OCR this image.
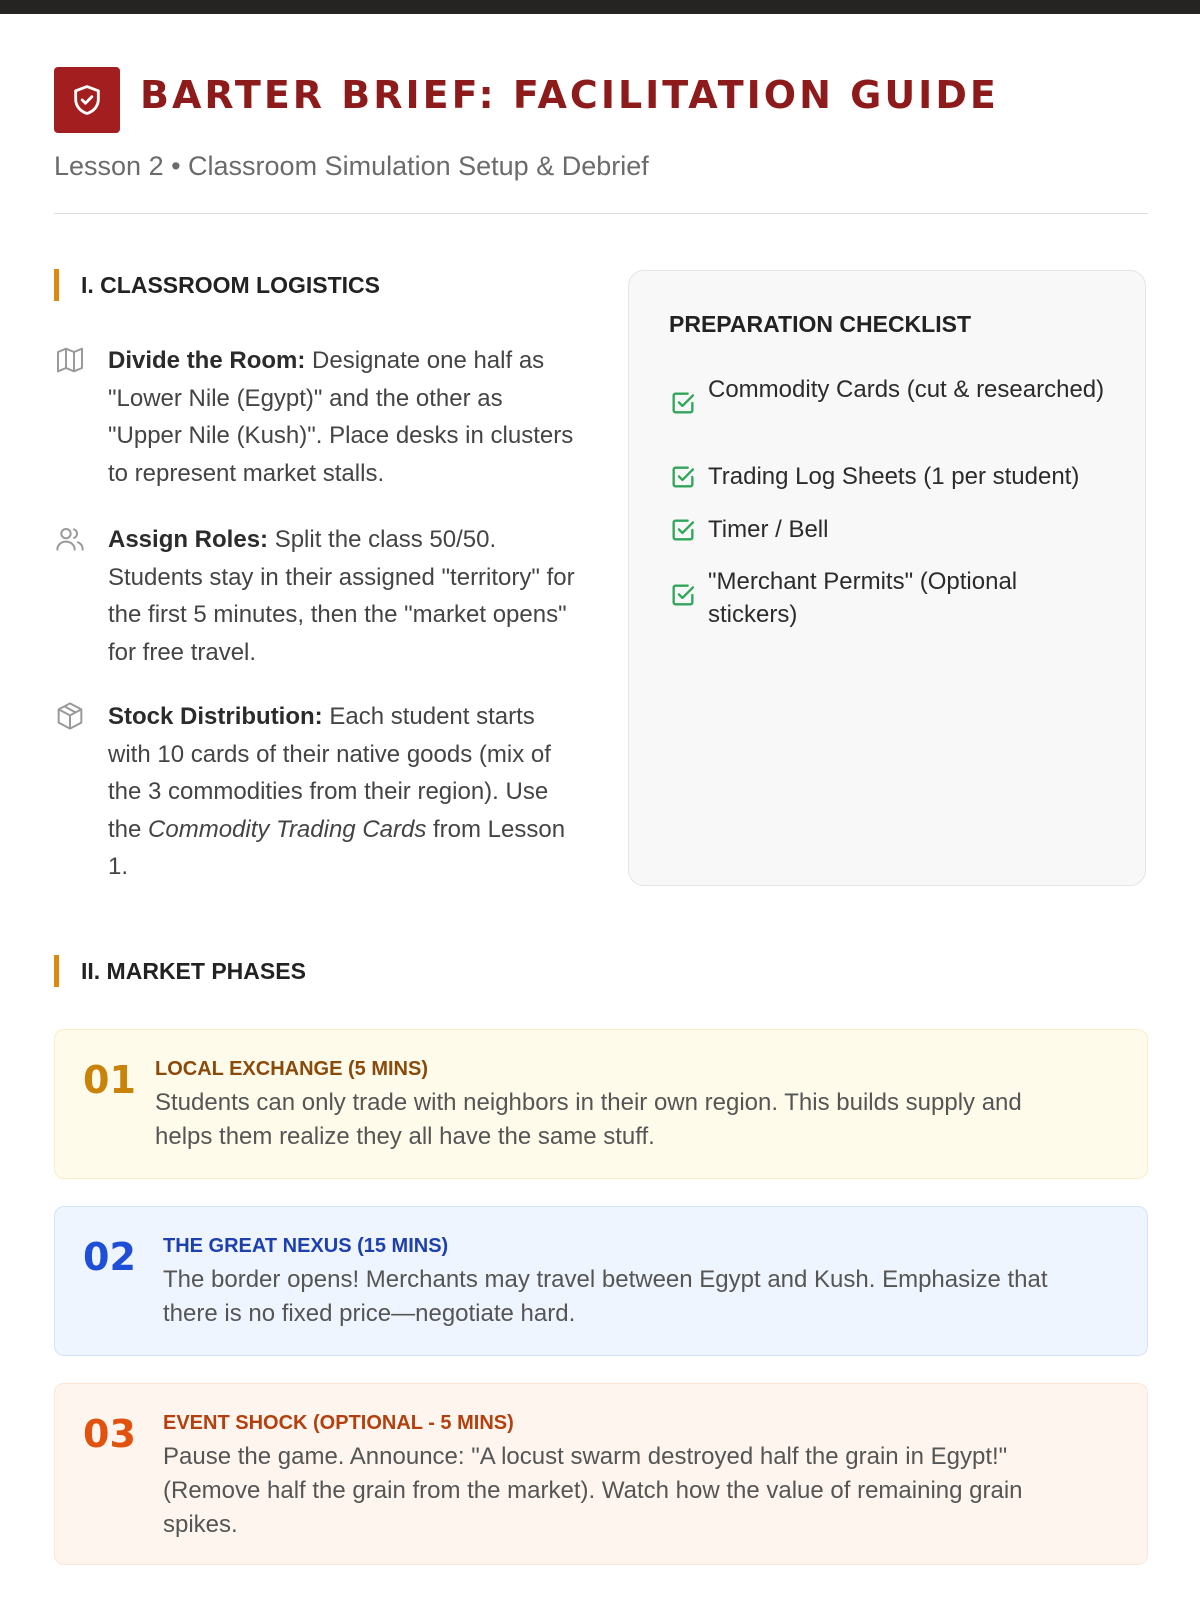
BARTER BRIEF: FACILITATION GUIDE

Lesson 2 • Classroom Simulation Setup & Debrief

I. CLASSROOM LOGISTICS
Divide the Room: Designate one half as "Lower Nile (Egypt)" and the other as "Upper Nile (Kush)". Place desks in clusters to represent market stalls.
Assign Roles: Split the class 50/50. Students stay in their assigned "territory" for the first 5 minutes, then the "market opens" for free travel.
Stock Distribution: Each student starts with 10 cards of their native goods (mix of the 3 commodities from their region). Use the Commodity Trading Cards from Lesson 1.

PREPARATION CHECKLIST

Commodity Cards (cut & researched)
Trading Log Sheets (1 per student)
Timer / Bell
"Merchant Permits" (Optional stickers)
II. MARKET PHASES
01 LOCAL EXCHANGE (5 MINS)
Students can only trade with neighbors in their own region. This builds supply and helps them realize they all have the same stuff.
02 THE GREAT NEXUS (15 MINS)
The border opens! Merchants may travel between Egypt and Kush. Emphasize that there is no fixed price—negotiate hard.
03 EVENT SHOCK (OPTIONAL - 5 MINS)
Pause the game. Announce: "A locust swarm destroyed half the grain in Egypt!" (Remove half the grain from the market). Watch how the value of remaining grain spikes.
